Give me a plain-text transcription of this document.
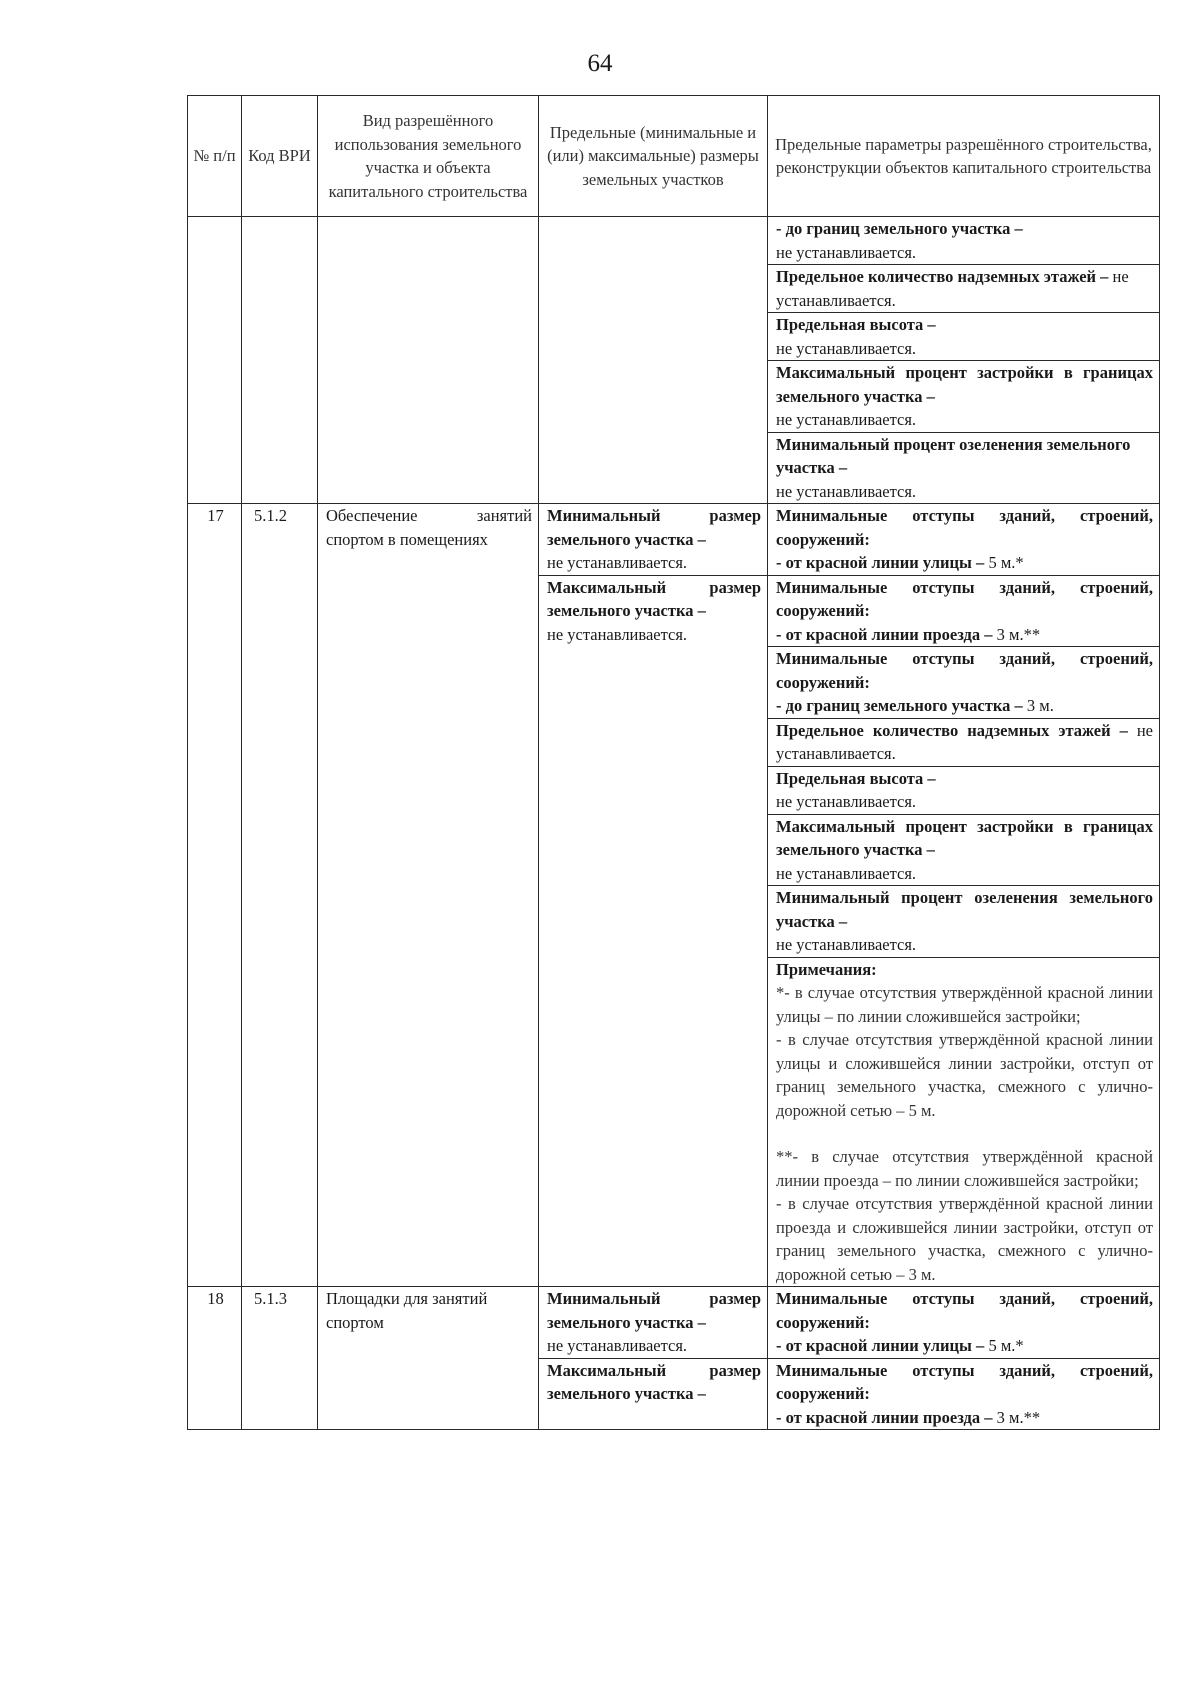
64
№ п/п	Код ВРИ	Вид разрешённого использования земельного участка и объекта капитального строительства	Предельные (минимальные и (или) максимальные) размеры земельных участков	Предельные параметры разрешённого строительства, реконструкции объектов капитального строительства
				- до границ земельного участка –
не устанавливается.
				Предельное количество надземных этажей – не устанавливается.
				Предельная высота –
не устанавливается.
				Максимальный процент застройки в границах земельного участка –
не устанавливается.
				Минимальный процент озеленения земельного участка –
не устанавливается.
17	5.1.2	Обеспечение занятий спортом в помещениях	Минимальный размер земельного участка –
не устанавливается.	Минимальные отступы зданий, строений, сооружений:
- от красной линии улицы – 5 м.*
			Максимальный размер земельного участка –
не устанавливается.	Минимальные отступы зданий, строений, сооружений:
- от красной линии проезда – 3 м.**
				Минимальные отступы зданий, строений, сооружений:
- до границ земельного участка – 3 м.
				Предельное количество надземных этажей – не устанавливается.
				Предельная высота –
не устанавливается.
				Максимальный процент застройки в границах земельного участка –
не устанавливается.
				Минимальный процент озеленения земельного участка –
не устанавливается.
				Примечания:
*- в случае отсутствия утверждённой красной линии улицы – по линии сложившейся застройки;
- в случае отсутствия утверждённой красной линии улицы и сложившейся линии застройки, отступ от границ земельного участка, смежного с улично-дорожной сетью – 5 м.
**- в случае отсутствия утверждённой красной линии проезда – по линии сложившейся застройки;
- в случае отсутствия утверждённой красной линии проезда и сложившейся линии застройки, отступ от границ земельного участка, смежного с улично-дорожной сетью – 3 м.

18	5.1.3	Площадки для занятий спортом	Минимальный размер земельного участка –
не устанавливается.	Минимальные отступы зданий, строений, сооружений:
- от красной линии улицы – 5 м.*
			Максимальный размер земельного участка –	Минимальные отступы зданий, строений, сооружений:
- от красной линии проезда – 3 м.**
